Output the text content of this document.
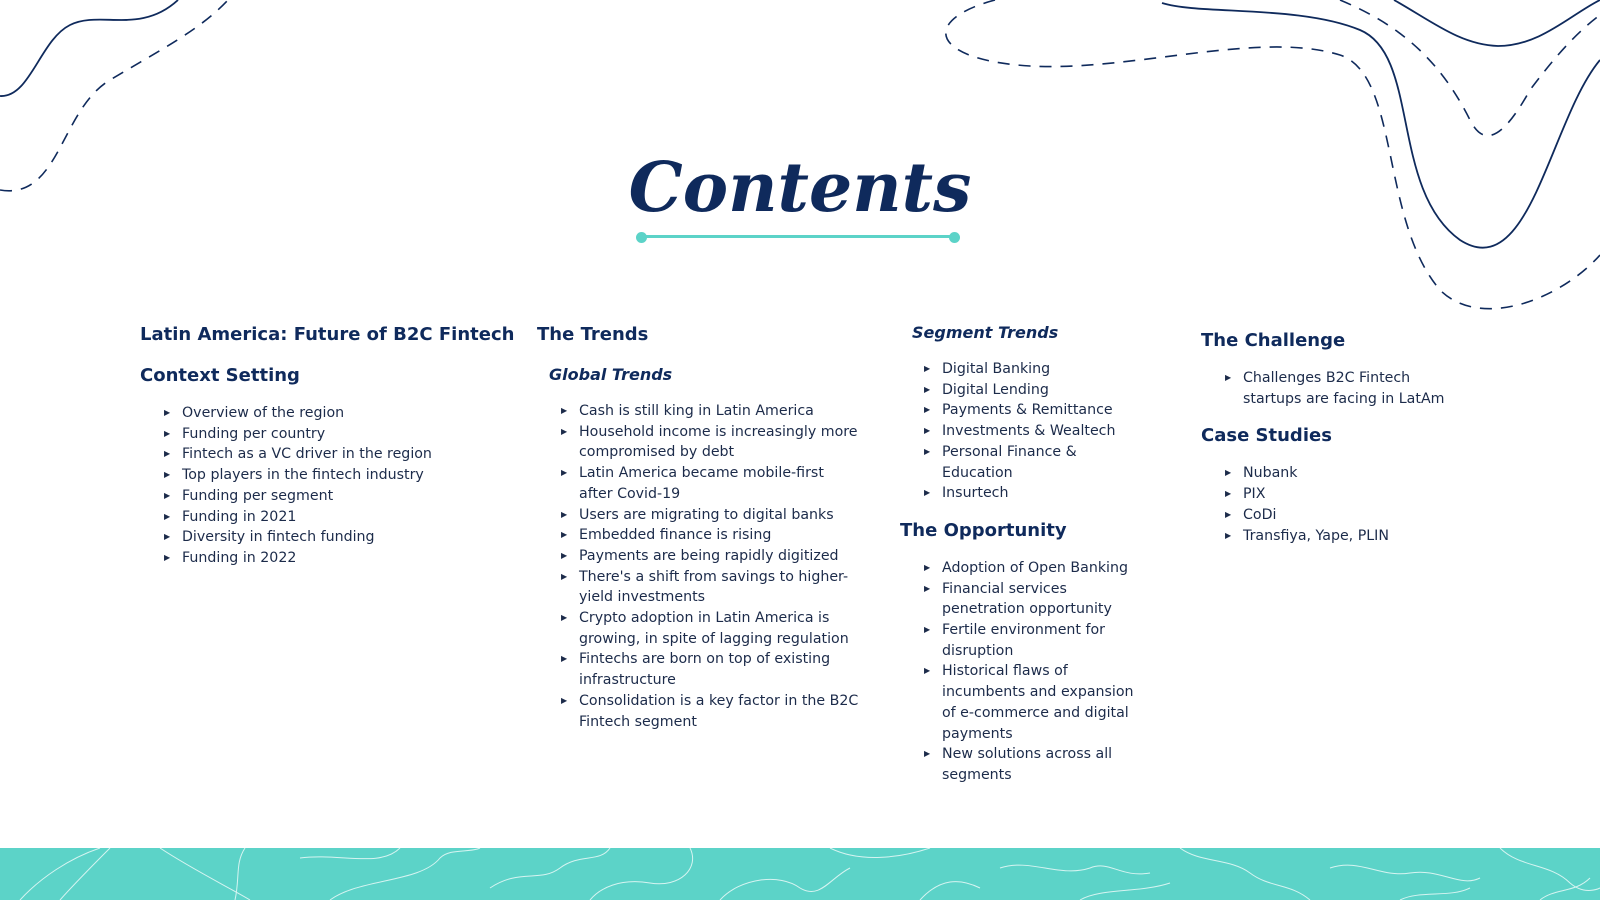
Contents
Latin America: Future of B2C Fintech
Context Setting
▶ Overview of the region
▶ Funding per country
▶ Fintech as a VC driver in the region
▶ Top players in the fintech industry
▶ Funding per segment
▶ Funding in 2021
▶ Diversity in fintech funding
▶ Funding in 2022
The Trends
Global Trends
▶ Cash is still king in Latin America
▶ Household income is increasingly more compromised by debt
▶ Latin America became mobile-first after Covid-19
▶ Users are migrating to digital banks
▶ Embedded finance is rising
▶ Payments are being rapidly digitized
▶ There's a shift from savings to higher-yield investments
▶ Crypto adoption in Latin America is growing, in spite of lagging regulation
▶ Fintechs are born on top of existing infrastructure
▶ Consolidation is a key factor in the B2C Fintech segment
Segment Trends
▶ Digital Banking
▶ Digital Lending
▶ Payments & Remittance
▶ Investments & Wealtech
▶ Personal Finance & Education
▶ Insurtech
The Opportunity
▶ Adoption of Open Banking
▶ Financial services penetration opportunity
▶ Fertile environment for disruption
▶ Historical flaws of incumbents and expansion of e-commerce and digital payments
▶ New solutions across all segments
The Challenge
▶ Challenges B2C Fintech startups are facing in LatAm
Case Studies
▶ Nubank
▶ PIX
▶ CoDi
▶ Transfiya, Yape, PLIN
